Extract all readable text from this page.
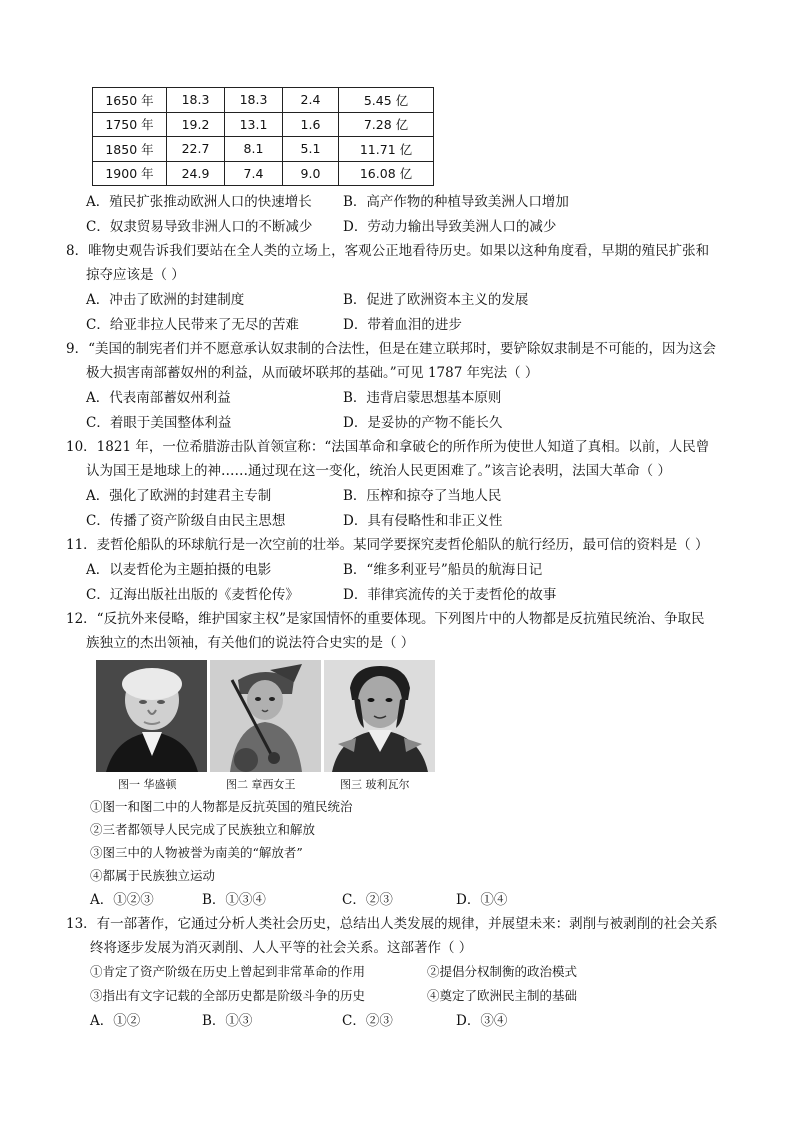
1650 年	18.3	18.3	2.4	5.45 亿
1750 年	19.2	13.1	1.6	7.28 亿
1850 年	22.7	8.1	5.1	11.71 亿
1900 年	24.9	7.4	9.0	16.08 亿
A．殖民扩张推动欧洲人口的快速增长 B．高产作物的种植导致美洲人口增加
C．奴隶贸易导致非洲人口的不断减少 D．劳动力输出导致美洲人口的减少
8．唯物史观告诉我们要站在全人类的立场上，客观公正地看待历史。如果以这种角度看，早期的殖民扩张和
掠夺应该是（ ）
A．冲击了欧洲的封建制度	B．促进了欧洲资本主义的发展
C．给亚非拉人民带来了无尽的苦难	D．带着血泪的进步
9．“美国的制宪者们并不愿意承认奴隶制的合法性，但是在建立联邦时，要铲除奴隶制是不可能的，因为这会
极大损害南部蓄奴州的利益，从而破坏联邦的基础。”可见 1787 年宪法（ ）
A．代表南部蓄奴州利益	B．违背启蒙思想基本原则
C．着眼于美国整体利益	D．是妥协的产物不能长久
10．1821 年，一位希腊游击队首领宣称：“法国革命和拿破仑的所作所为使世人知道了真相。以前，人民曾
认为国王是地球上的神……通过现在这一变化，统治人民更困难了。”该言论表明，法国大革命（ ）
A．强化了欧洲的封建君主专制	B．压榨和掠夺了当地人民
C．传播了资产阶级自由民主思想	D．具有侵略性和非正义性
11．麦哲伦船队的环球航行是一次空前的壮举。某同学要探究麦哲伦船队的航行经历，最可信的资料是（ ）
A．以麦哲伦为主题拍摄的电影	B．“维多利亚号”船员的航海日记
C．辽海出版社出版的《麦哲伦传》	D．菲律宾流传的关于麦哲伦的故事
12．“反抗外来侵略，维护国家主权”是家国情怀的重要体现。下列图片中的人物都是反抗殖民统治、争取民
族独立的杰出领袖，有关他们的说法符合史实的是（ ）
图一 华盛顿	图二 章西女王	图三 玻利瓦尔
①图一和图二中的人物都是反抗英国的殖民统治
②三者都领导人民完成了民族独立和解放
③图三中的人物被誉为南美的“解放者”
④都属于民族独立运动
A．①②③	B．①③④	C．②③	D．①④
13．有一部著作，它通过分析人类社会历史，总结出人类发展的规律，并展望未来：剥削与被剥削的社会关系
终将逐步发展为消灭剥削、人人平等的社会关系。这部著作（ ）
①肯定了资产阶级在历史上曾起到非常革命的作用	②提倡分权制衡的政治模式
③指出有文字记载的全部历史都是阶级斗争的历史	④奠定了欧洲民主制的基础
A．①②	B．①③	C．②③	D．③④
